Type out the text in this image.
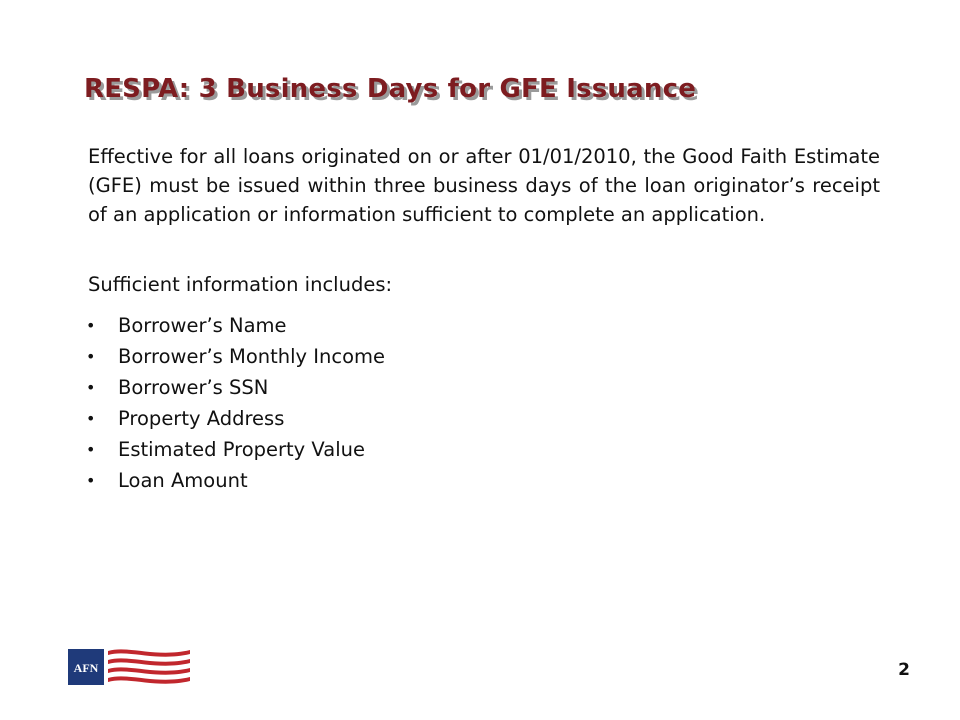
RESPA: 3 Business Days for GFE Issuance

Effective for all loans originated on or after 01/01/2010, the Good Faith Estimate (GFE) must be issued within three business days of the loan originator’s receipt of an application or information sufficient to complete an application.

Sufficient information includes:

• Borrower’s Name
• Borrower’s Monthly Income
• Borrower’s SSN
• Property Address
• Estimated Property Value
• Loan Amount
AFN	2
